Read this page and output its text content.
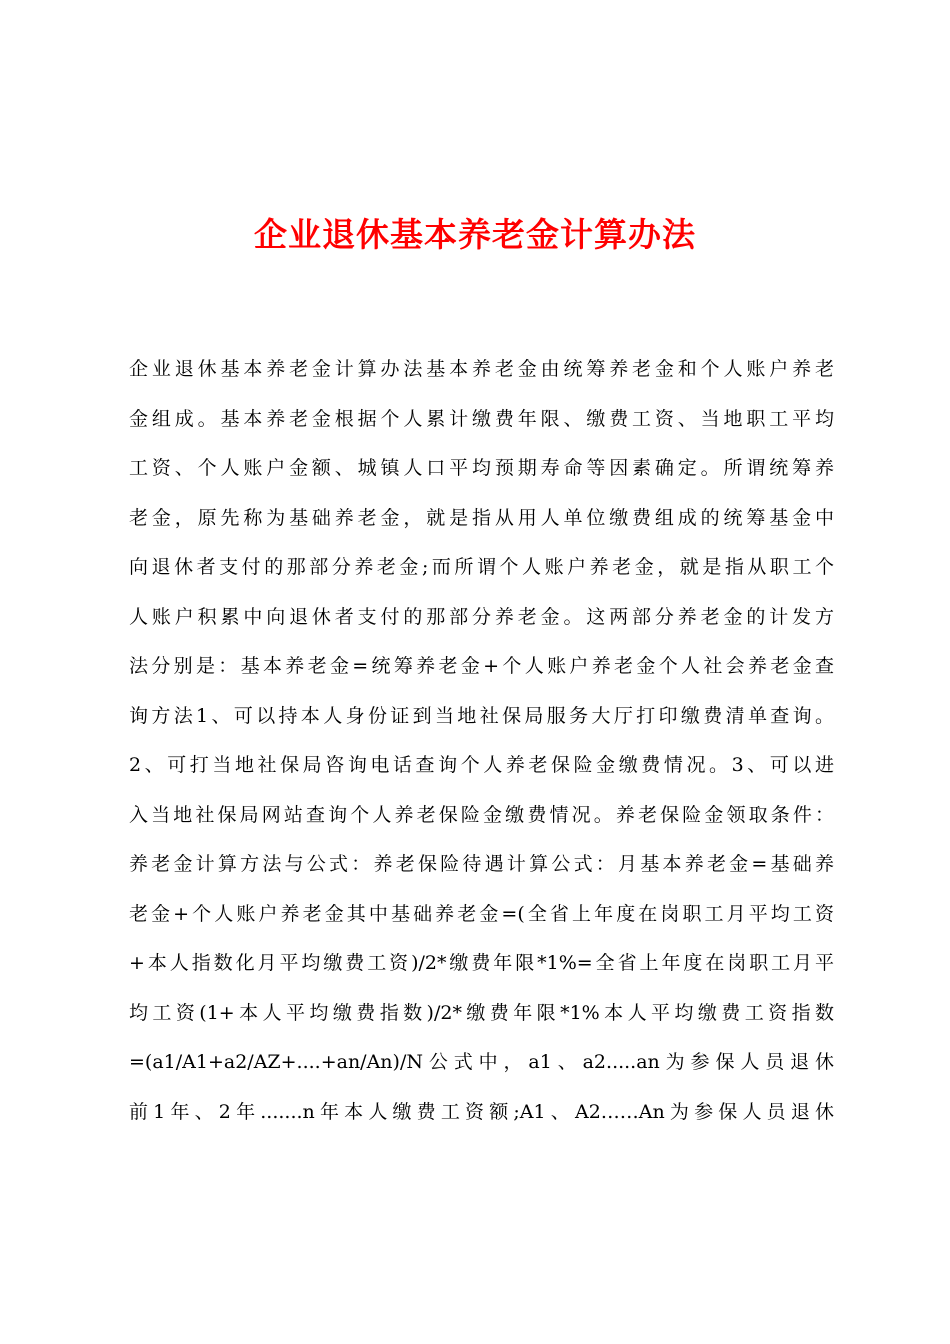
企业退休基本养老金计算办法
企业退休基本养老金计算办法基本养老金由统筹养老金和个人账户养老
金组成。基本养老金根据个人累计缴费年限、缴费工资、当地职工平均
工资、个人账户金额、城镇人口平均预期寿命等因素确定。所谓统筹养
老金，原先称为基础养老金，就是指从用人单位缴费组成的统筹基金中
向退休者支付的那部分养老金;而所谓个人账户养老金，就是指从职工个
人账户积累中向退休者支付的那部分养老金。这两部分养老金的计发方
法分别是：基本养老金=统筹养老金+个人账户养老金个人社会养老金查
询方法1、可以持本人身份证到当地社保局服务大厅打印缴费清单查询。
2、可打当地社保局咨询电话查询个人养老保险金缴费情况。3、可以进
入当地社保局网站查询个人养老保险金缴费情况。养老保险金领取条件：
养老金计算方法与公式：养老保险待遇计算公式：月基本养老金=基础养
老金+个人账户养老金其中基础养老金=(全省上年度在岗职工月平均工资
+本人指数化月平均缴费工资)/2*缴费年限*1%=全省上年度在岗职工月平
均工资(1+本人平均缴费指数)/2*缴费年限*1%本人平均缴费工资指数
=(a1/A1+a2/AZ+....+an/An)/N公式中，a1、a2.....an为参保人员退休
前1年、2年.......n年本人缴费工资额;A1、A2……An为参保人员退休
